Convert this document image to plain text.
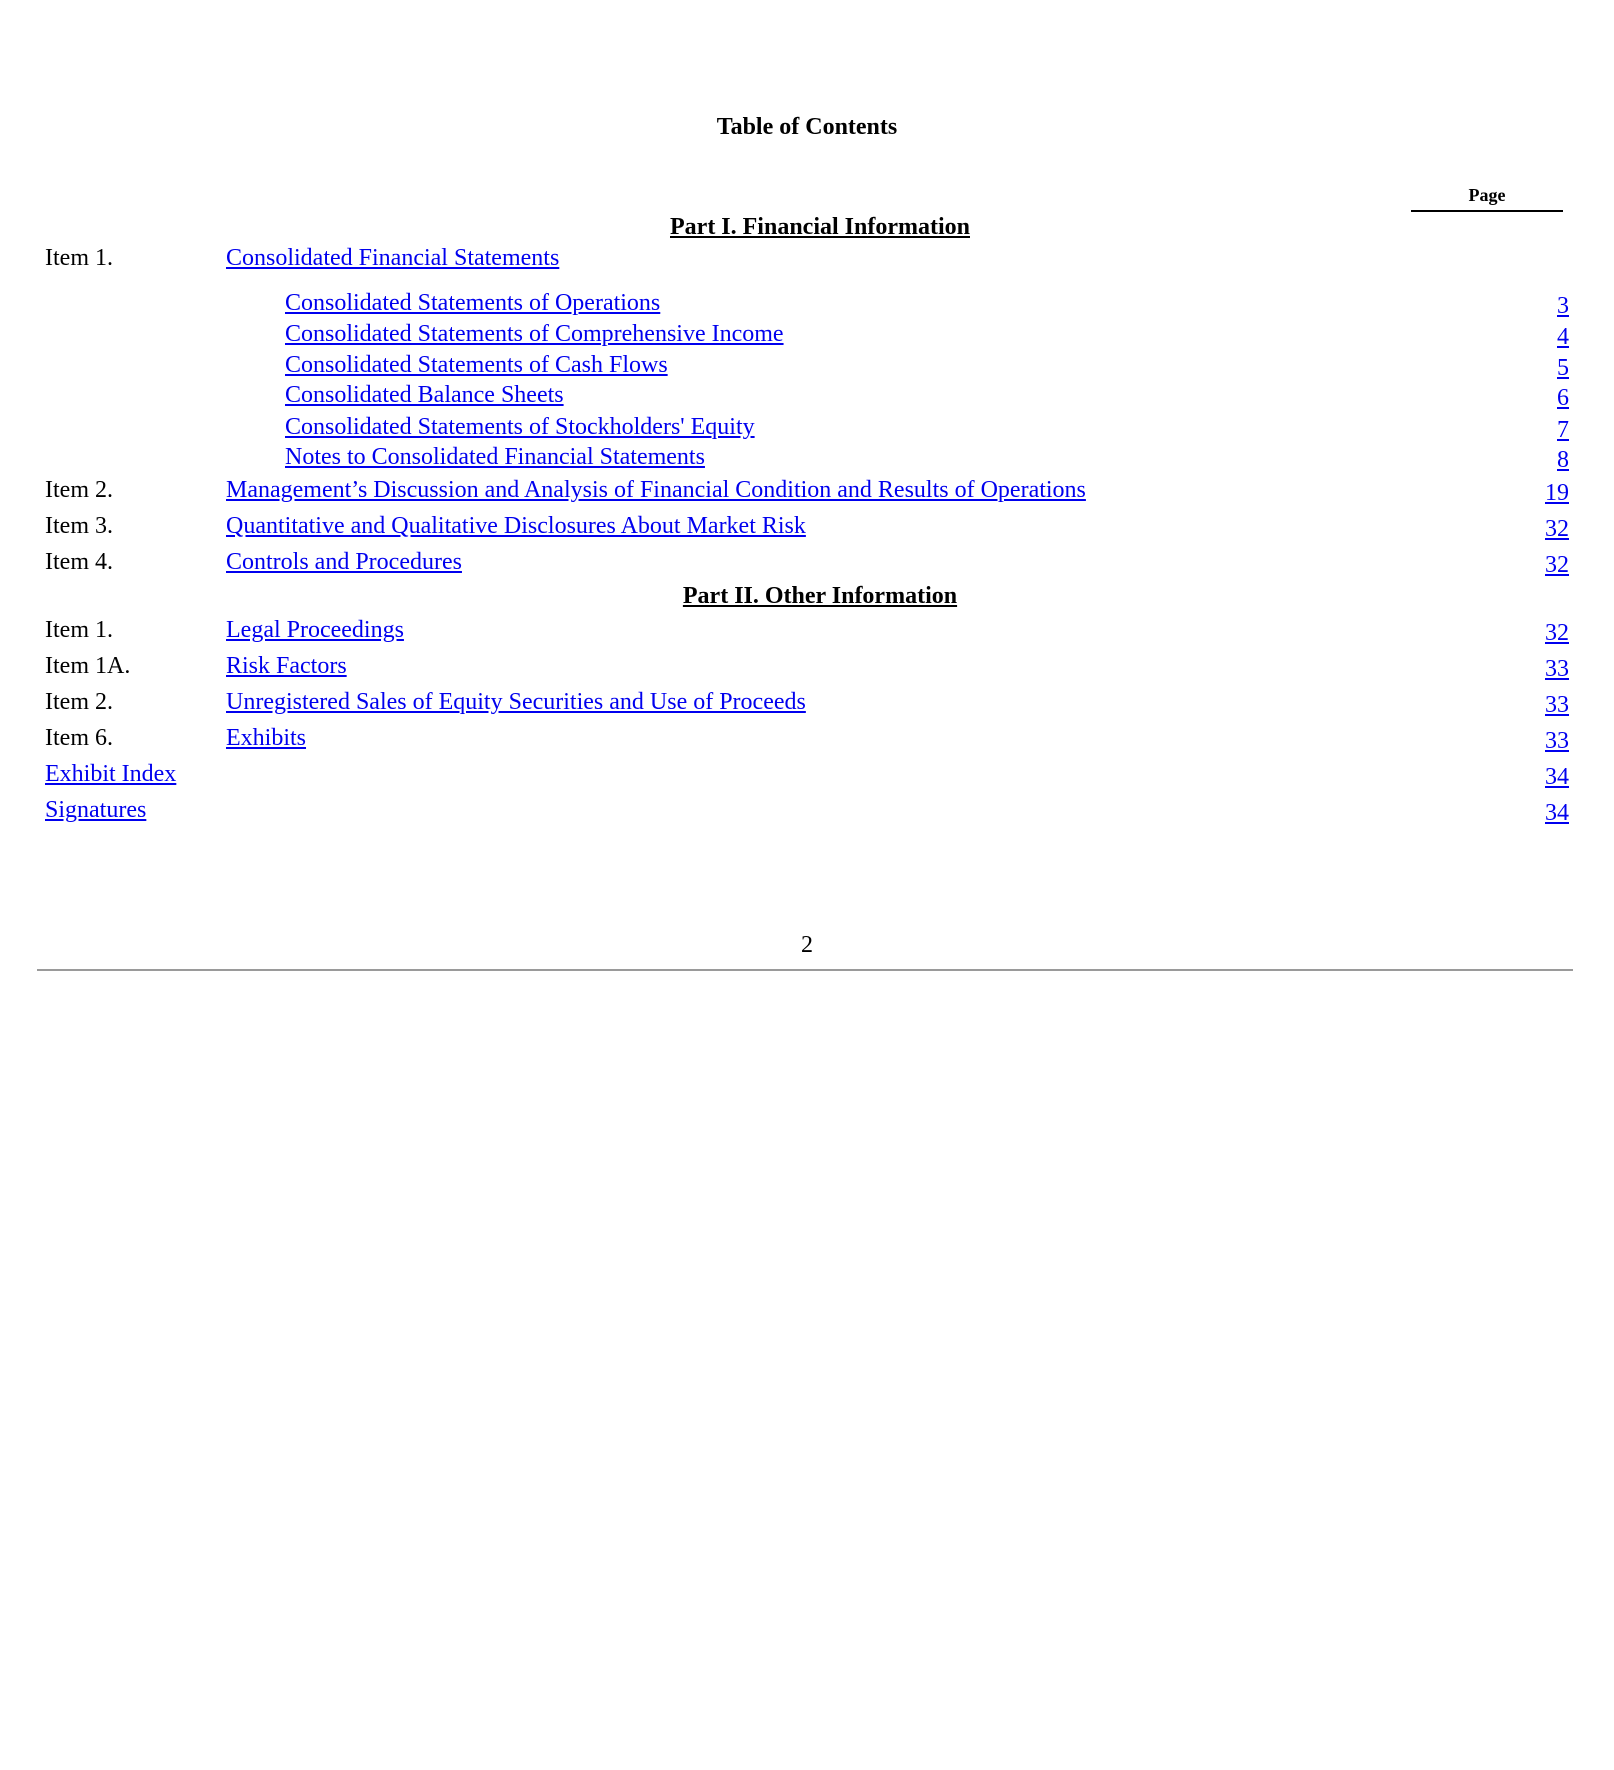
Table of Contents
Page
Part I. Financial Information
Item 1.	Consolidated Financial Statements
Consolidated Statements of Operations	3
Consolidated Statements of Comprehensive Income	4
Consolidated Statements of Cash Flows	5
Consolidated Balance Sheets	6
Consolidated Statements of Stockholders' Equity	7
Notes to Consolidated Financial Statements	8
Item 2.	Management’s Discussion and Analysis of Financial Condition and Results of Operations	19
Item 3.	Quantitative and Qualitative Disclosures About Market Risk	32
Item 4.	Controls and Procedures	32
Part II. Other Information
Item 1.	Legal Proceedings	32
Item 1A.	Risk Factors	33
Item 2.	Unregistered Sales of Equity Securities and Use of Proceeds	33
Item 6.	Exhibits	33
Exhibit Index	34
Signatures	34
2
